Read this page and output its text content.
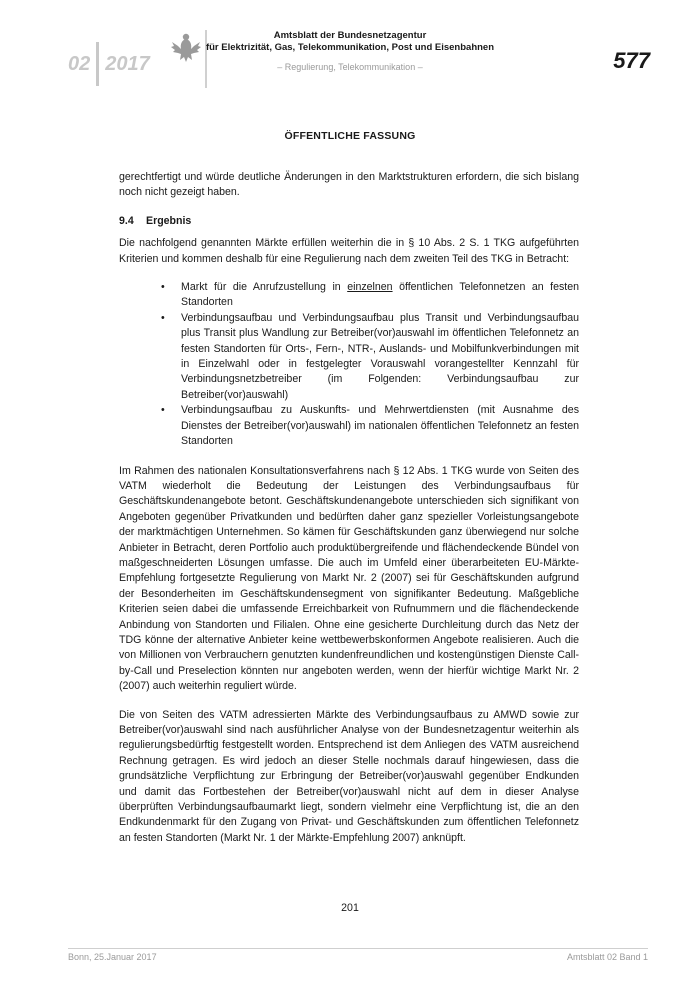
02 2017
Amtsblatt der Bundesnetzagentur
für Elektrizität, Gas, Telekommunikation, Post und Eisenbahnen
– Regulierung, Telekommunikation –	577
ÖFFENTLICHE FASSUNG

gerechtfertigt und würde deutliche Änderungen in den Marktstrukturen erfordern, die sich bislang noch nicht gezeigt haben.

9.4 Ergebnis

Die nachfolgend genannten Märkte erfüllen weiterhin die in § 10 Abs. 2 S. 1 TKG aufgeführten Kriterien und kommen deshalb für eine Regulierung nach dem zweiten Teil des TKG in Betracht:

• Markt für die Anrufzustellung in einzelnen öffentlichen Telefonnetzen an festen Standorten
• Verbindungsaufbau und Verbindungsaufbau plus Transit und Verbindungsaufbau plus Transit plus Wandlung zur Betreiber(vor)auswahl im öffentlichen Telefonnetz an festen Standorten für Orts-, Fern-, NTR-, Auslands- und Mobilfunkverbindungen mit in Einzelwahl oder in festgelegter Vorauswahl vorangestellter Kennzahl für Verbindungsnetzbetreiber (im Folgenden: Verbindungsaufbau zur Betreiber(vor)auswahl)
• Verbindungsaufbau zu Auskunfts- und Mehrwertdiensten (mit Ausnahme des Dienstes der Betreiber(vor)auswahl) im nationalen öffentlichen Telefonnetz an festen Standorten

Im Rahmen des nationalen Konsultationsverfahrens nach § 12 Abs. 1 TKG wurde von Seiten des VATM wiederholt die Bedeutung der Leistungen des Verbindungsaufbaus für Geschäftskundenangebote betont. Geschäftskundenangebote unterschieden sich signifikant von Angeboten gegenüber Privatkunden und bedürften daher ganz spezieller Vorleistungsangebote der marktmächtigen Unternehmen. So kämen für Geschäftskunden ganz überwiegend nur solche Anbieter in Betracht, deren Portfolio auch produktübergreifende und flächendeckende Bündel von maßgeschneiderten Lösungen umfasse. Die auch im Umfeld einer überarbeiteten EU-Märkte-Empfehlung fortgesetzte Regulierung von Markt Nr. 2 (2007) sei für Geschäftskunden aufgrund der Besonderheiten im Geschäftskundensegment von signifikanter Bedeutung. Maßgebliche Kriterien seien dabei die umfassende Erreichbarkeit von Rufnummern und die flächendeckende Anbindung von Standorten und Filialen. Ohne eine gesicherte Durchleitung durch das Netz der TDG könne der alternative Anbieter keine wettbewerbskonformen Angebote realisieren. Auch die von Millionen von Verbrauchern genutzten kundenfreundlichen und kostengünstigen Dienste Call-by-Call und Preselection könnten nur angeboten werden, wenn der hierfür wichtige Markt Nr. 2 (2007) auch weiterhin reguliert würde.

Die von Seiten des VATM adressierten Märkte des Verbindungsaufbaus zu AMWD sowie zur Betreiber(vor)auswahl sind nach ausführlicher Analyse von der Bundesnetzagentur weiterhin als regulierungsbedürftig festgestellt worden. Entsprechend ist dem Anliegen des VATM ausreichend Rechnung getragen. Es wird jedoch an dieser Stelle nochmals darauf hingewiesen, dass die grundsätzliche Verpflichtung zur Erbringung der Betreiber(vor)auswahl gegenüber Endkunden und damit das Fortbestehen der Betreiber(vor)auswahl nicht auf dem in dieser Analyse überprüften Verbindungsaufbaumarkt liegt, sondern vielmehr eine Verpflichtung ist, die an den Endkundenmarkt für den Zugang von Privat- und Geschäftskunden zum öffentlichen Telefonnetz an festen Standorten (Markt Nr. 1 der Märkte-Empfehlung 2007) anknüpft.

201
Bonn, 25.Januar 2017	Amtsblatt 02 Band 1
